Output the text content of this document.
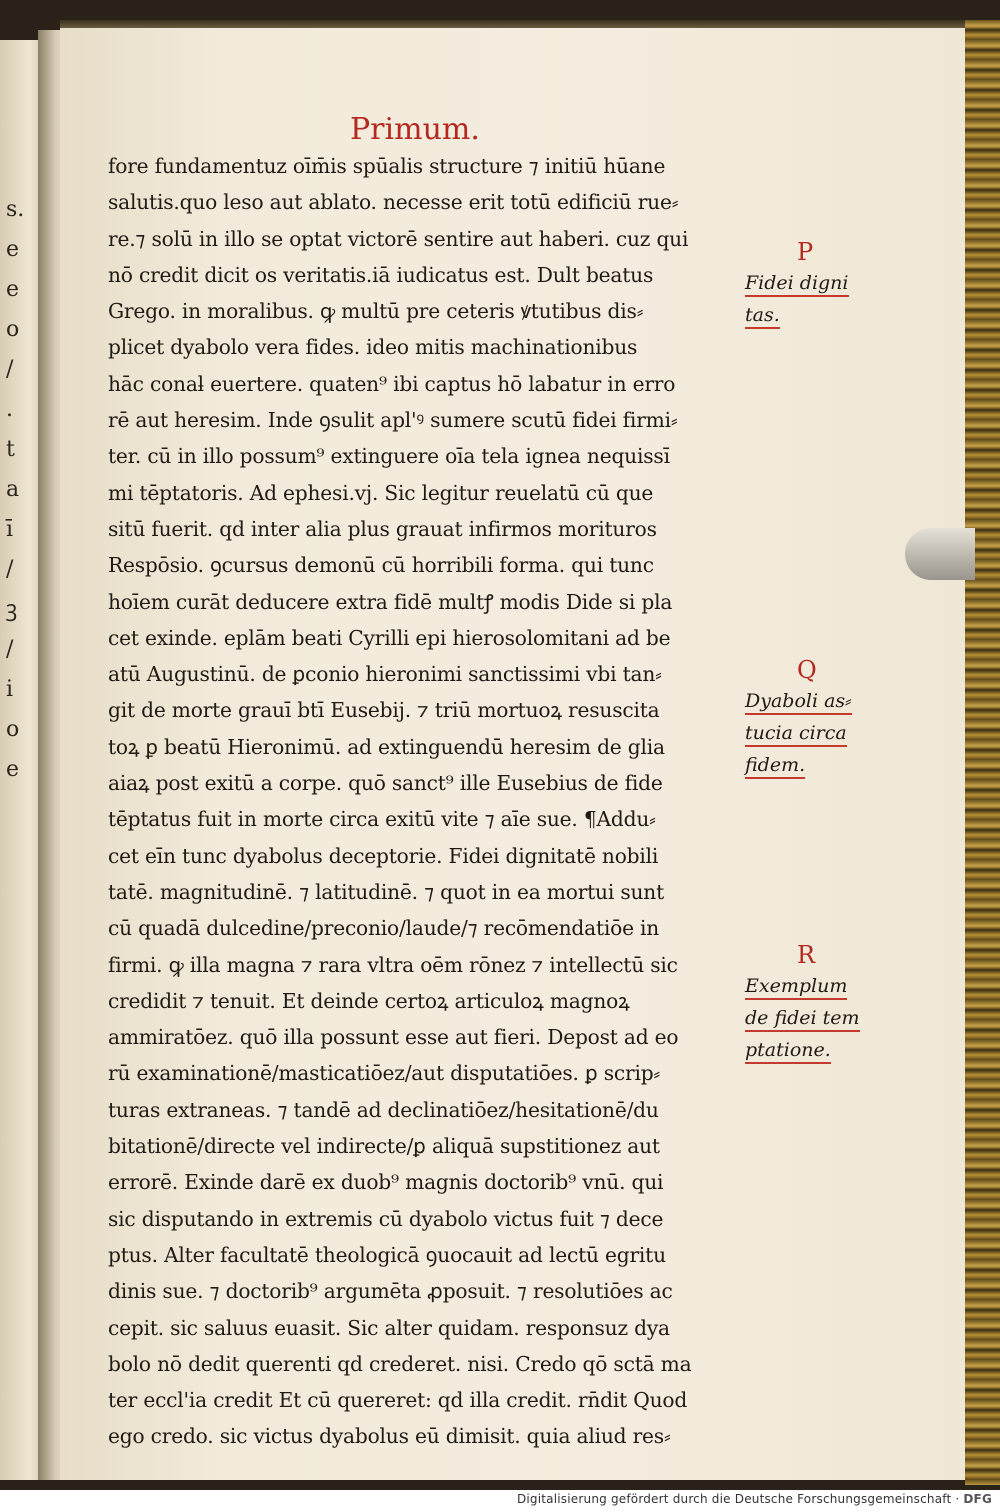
s.
e
e
o
/
.
t
a
ī
/
ꝫ
/
i
o
e
Primum.
fore fundamentuz oīm̄is spūalis structure ⁊ initiū hūane
salutis.quo leso aut ablato. necesse erit totū edificiū rue⸗
re.⁊ solū in illo se optat victorē sentire aut haberi. cuz qui
nō credit dicit os veritatis.iā iudicatus est. Dult beatus
Grego. in moralibus. ꝙ multū pre ceteris ꝟtutibus dis⸗
plicet dyabolo vera fides. ideo mitis machinationibus
hāc conaƚ euertere. quaten⁹ ibi captus hō labatur in erro
rē aut heresim. Inde ꝯsulit apl'ꝰ sumere scutū fidei firmi⸗
ter. cū in illo possum⁹ extinguere oīa tela ignea nequissī
mi tēptatoris. Ad ephesi.vj. Sic legitur reuelatū cū que
sitū fuerit. qd inter alia plus grauat infirmos morituros
Respōsio. ꝯcursus demonū cū horribili forma. qui tunc
hoīem curāt deducere extra fidē multꝭ modis Dide si pla
cet exinde. eplām beati Cyrilli epi hierosolomitani ad be
atū Augustinū. de ꝑconio hieronimi sanctissimi vbi tan⸗
git de morte grauī btī Eusebij. ⁊ triū mortuoꝝ resuscita
toꝝ ꝑ beatū Hieronimū. ad extinguendū heresim de glia
aiaꝝ post exitū a corpe. quō sanct⁹ ille Eusebius de fide
tēptatus fuit in morte circa exitū vite ⁊ aīe sue. ¶Addu⸗
cet eīn tunc dyabolus deceptorie. Fidei dignitatē nobili
tatē. magnitudinē. ⁊ latitudinē. ⁊ quot in ea mortui sunt
cū quadā dulcedine/preconio/laude/⁊ recōmendatiōe in
firmi. ꝙ illa magna ⁊ rara vltra oēm rōnez ⁊ intellectū sic
credidit ⁊ tenuit. Et deinde certoꝝ articuloꝝ magnoꝝ
ammiratōez. quō illa possunt esse aut fieri. Depost ad eo
rū examinationē/masticatiōez/aut disputatiōes. ꝑ scrip⸗
turas extraneas. ⁊ tandē ad declinatiōez/hesitationē/du
bitationē/directe vel indirecte/ꝑ aliquā supstitionez aut
errorē. Exinde darē ex duob⁹ magnis doctorib⁹ vnū. qui
sic disputando in extremis cū dyabolo victus fuit ⁊ dece
ptus. Alter facultatē theologicā ꝯuocauit ad lectū egritu
dinis sue. ⁊ doctorib⁹ argumēta ꝓposuit. ⁊ resolutiōes ac
cepit. sic saluus euasit. Sic alter quidam. responsuz dya
bolo nō dedit querenti qd crederet. nisi. Credo qō sctā ma
ter eccl'ia credit Et cū quereret: qd illa credit. rn̄dit Quod
ego credo. sic victus dyabolus eū dimisit. quia aliud res⸗
P
Fidei digni
tas.
Q
Dyaboli as⸗
tucia circa
fidem.
R
Exemplum
de fidei tem
ptatione.
Digitalisierung gefördert durch die Deutsche Forschungsgemeinschaft · DFG
